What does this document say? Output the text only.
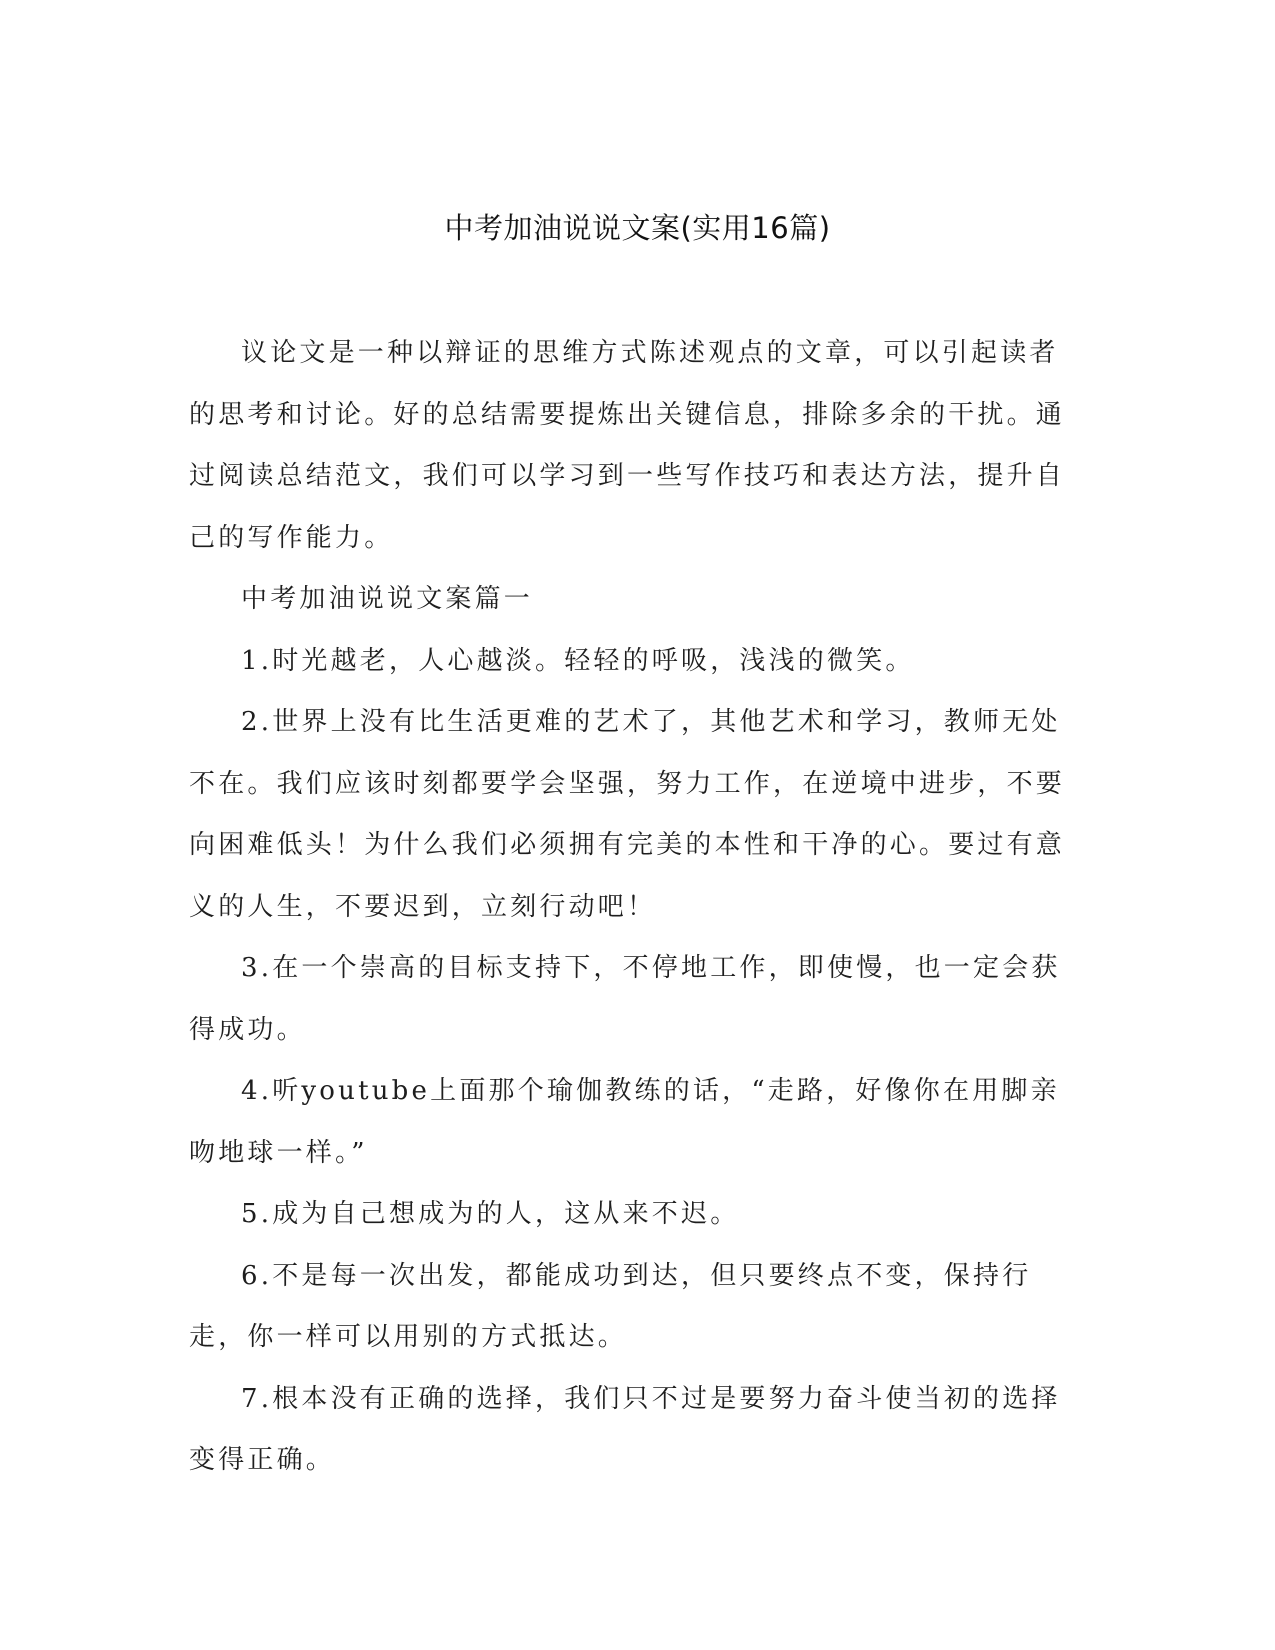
中考加油说说文案(实用16篇)

议论文是一种以辩证的思维方式陈述观点的文章，可以引起读者的思考和讨论。好的总结需要提炼出关键信息，排除多余的干扰。通过阅读总结范文，我们可以学习到一些写作技巧和表达方法，提升自己的写作能力。

中考加油说说文案篇一

1.时光越老，人心越淡。轻轻的呼吸，浅浅的微笑。

2.世界上没有比生活更难的艺术了，其他艺术和学习，教师无处不在。我们应该时刻都要学会坚强，努力工作，在逆境中进步，不要向困难低头！为什么我们必须拥有完美的本性和干净的心。要过有意义的人生，不要迟到，立刻行动吧！

3.在一个崇高的目标支持下，不停地工作，即使慢，也一定会获得成功。

4.听youtube上面那个瑜伽教练的话，“走路，好像你在用脚亲吻地球一样。”

5.成为自己想成为的人，这从来不迟。

6.不是每一次出发，都能成功到达，但只要终点不变，保持行走，你一样可以用别的方式抵达。

7.根本没有正确的选择，我们只不过是要努力奋斗使当初的选择变得正确。
